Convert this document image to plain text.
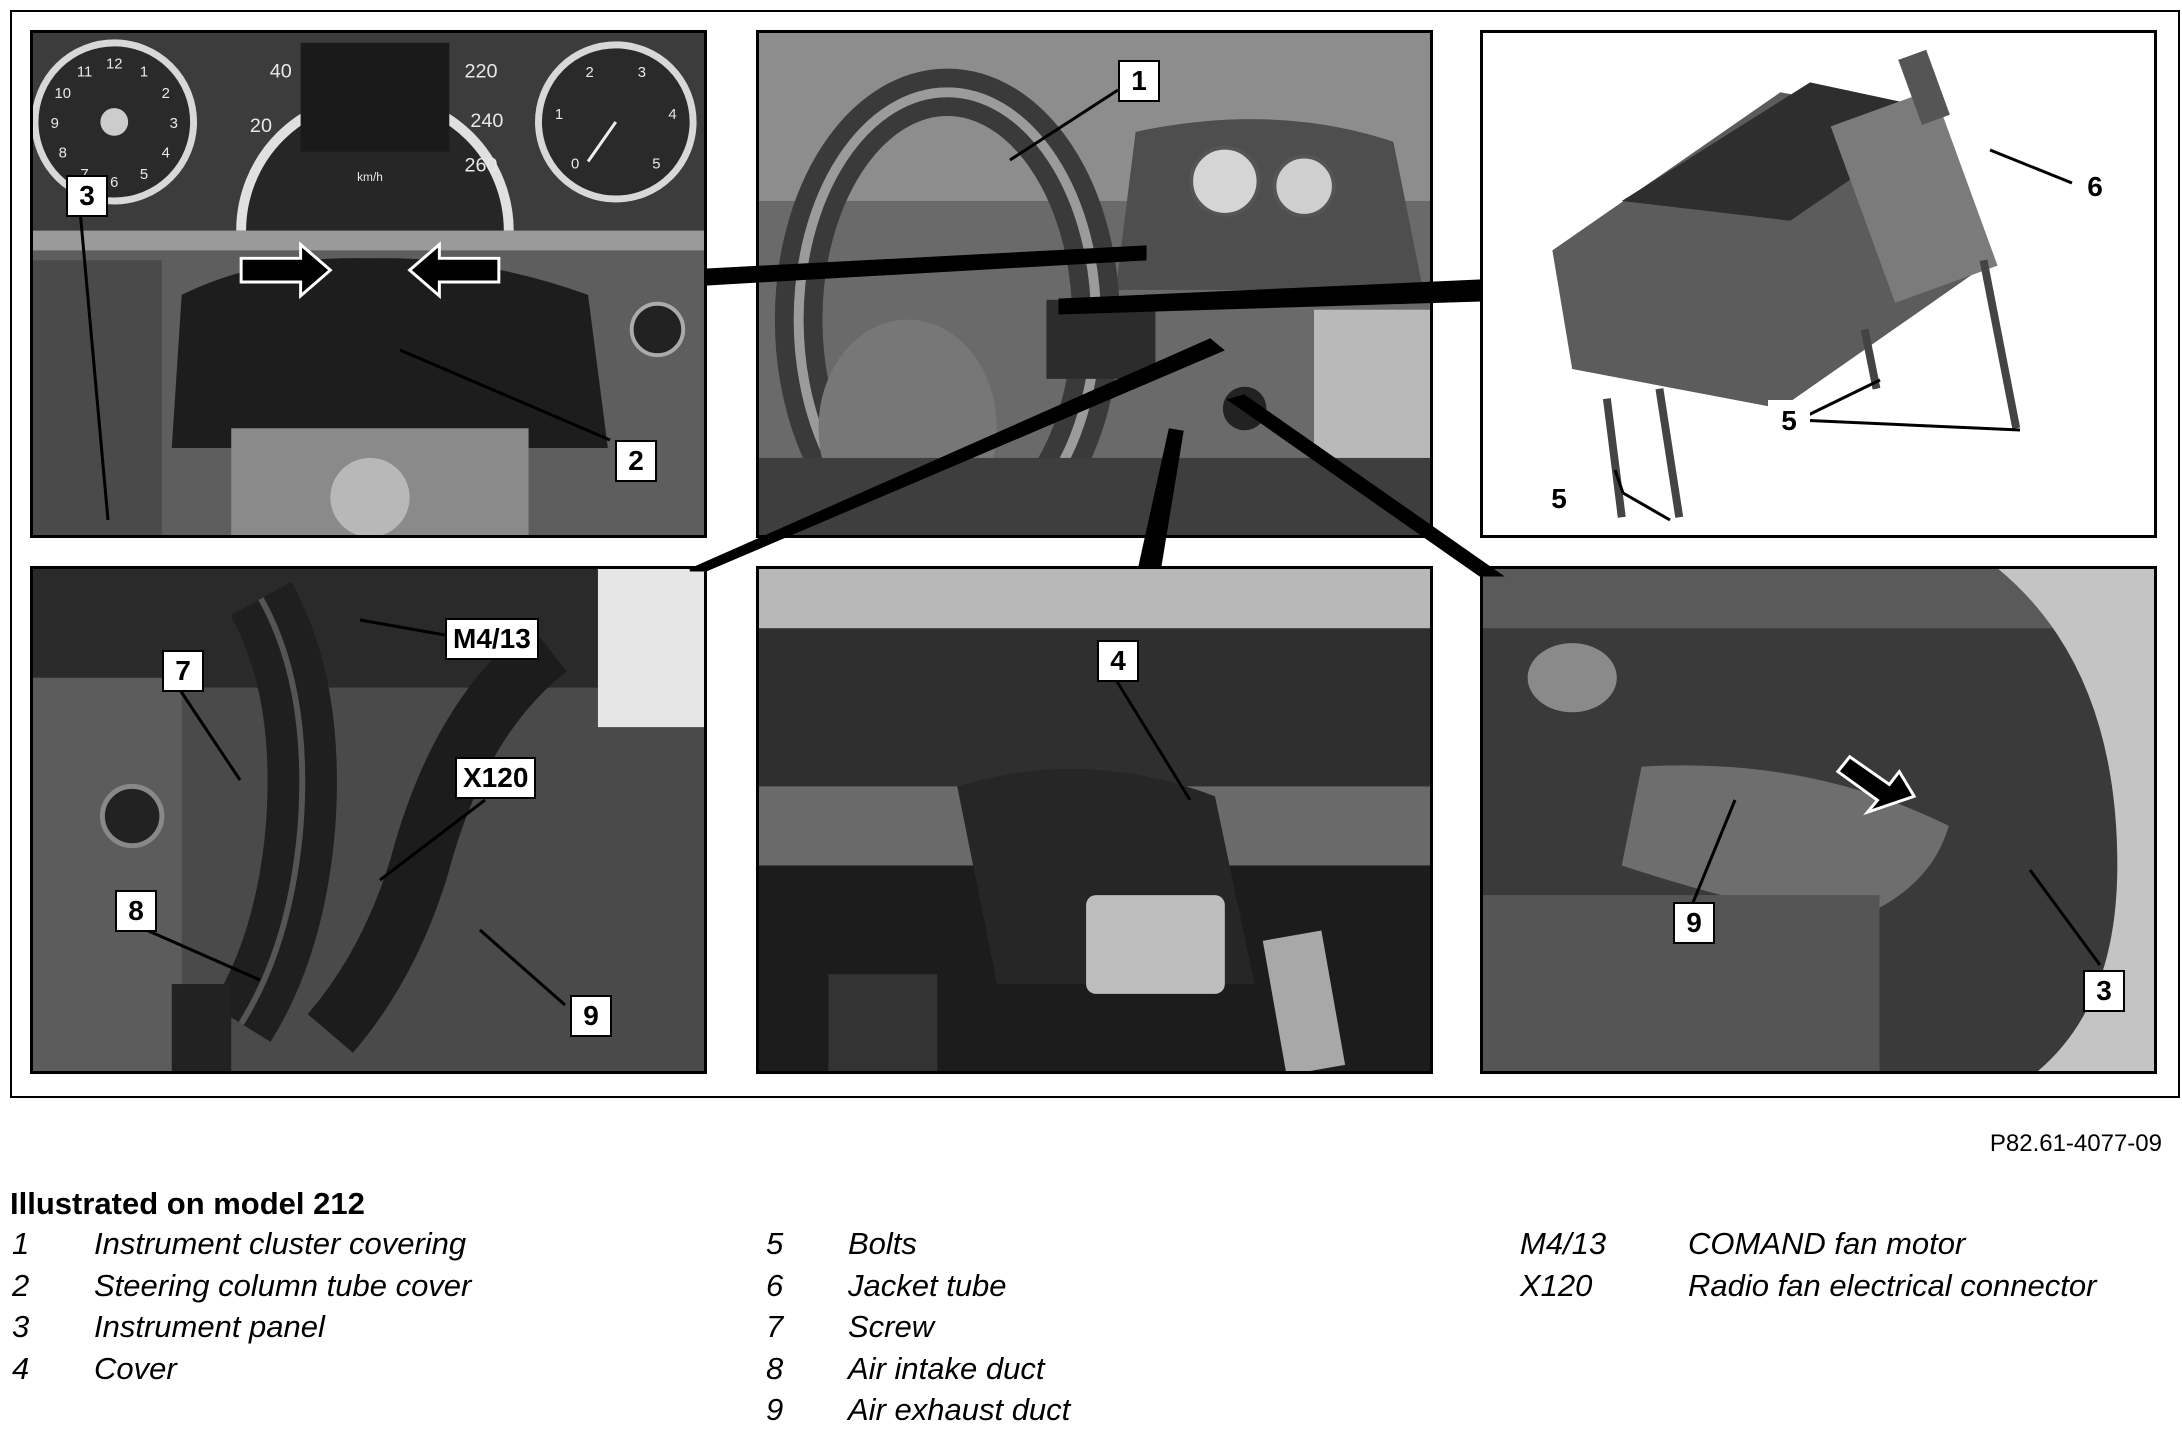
12 1
2
3
4
5
6
8
9
10
11	40
20
220
240
260
km/h
0
1
2	3
4
5
3
2
1
6
5
5
M4/13
7
X120
8
9
4
9
3
P82.61-4077-09
Illustrated on model 212
1 Instrument cluster covering
2 Steering column tube cover
3 Instrument panel
4 Cover
5 Bolts
6 Jacket tube
7 Screw
8 Air intake duct
9 Air exhaust duct
M4/13	COMAND fan motor
X120	Radio fan electrical connector
